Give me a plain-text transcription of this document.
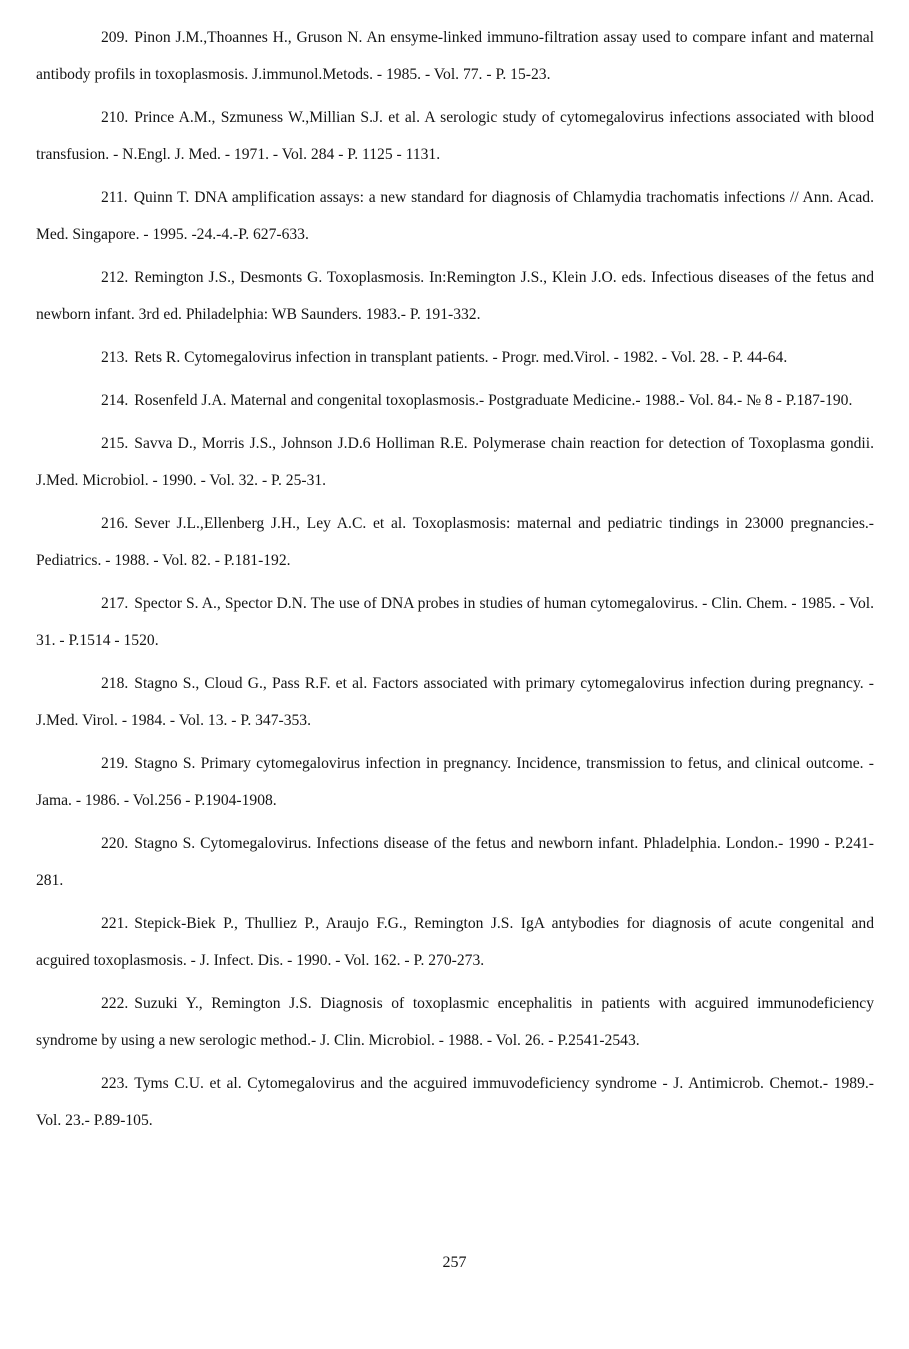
209. Pinon J.M.,Thoannes H., Gruson N. An ensyme-linked immuno-filtration assay used to compare infant and maternal antibody profils in toxoplasmosis. J.immunol.Metods. - 1985. - Vol. 77. - P. 15-23.

210. Prince A.M., Szmuness W.,Millian S.J. et al. A serologic study of cytomegalovirus infections associated with blood transfusion. - N.Engl. J. Med. - 1971. - Vol. 284 - P. 1125 - 1131.

211. Quinn T. DNA amplification assays: a new standard for diagnosis of Chlamydia trachomatis infections // Ann. Acad. Med. Singapore. - 1995. -24.-4.-P. 627-633.

212. Remington J.S., Desmonts G. Toxoplasmosis. In:Remington J.S., Klein J.O. eds. Infectious diseases of the fetus and newborn infant. 3rd ed. Philadelphia: WB Saunders. 1983.- P. 191-332.

213. Rets R. Cytomegalovirus infection in transplant patients. - Progr. med.Virol. - 1982. - Vol. 28. - P. 44-64.

214. Rosenfeld J.A. Maternal and congenital toxoplasmosis.- Postgraduate Medicine.- 1988.- Vol. 84.- № 8 - P.187-190.

215. Savva D., Morris J.S., Johnson J.D.6 Holliman R.E. Polymerase chain reaction for detection of Toxoplasma gondii. J.Med. Microbiol. - 1990. - Vol. 32. - P. 25-31.

216. Sever J.L.,Ellenberg J.H., Ley A.C. et al. Toxoplasmosis: maternal and pediatric tindings in 23000 pregnancies.- Pediatrics. - 1988. - Vol. 82. - P.181-192.

217. Spector S. A., Spector D.N. The use of DNA probes in studies of human cytomegalovirus. - Clin. Chem. - 1985. - Vol. 31. - P.1514 - 1520.

218. Stagno S., Cloud G., Pass R.F. et al. Factors associated with primary cytomegalovirus infection during pregnancy. - J.Med. Virol. - 1984. - Vol. 13. - P. 347-353.

219. Stagno S. Primary cytomegalovirus infection in pregnancy. Incidence, transmission to fetus, and clinical outcome. - Jama. - 1986. - Vol.256 - P.1904-1908.

220. Stagno S. Cytomegalovirus. Infections disease of the fetus and newborn infant. Phladelphia. London.- 1990 - P.241-281.

221. Stepick-Biek P., Thulliez P., Araujo F.G., Remington J.S. IgA antybodies for diagnosis of acute congenital and acguired toxoplasmosis. - J. Infect. Dis. - 1990. - Vol. 162. - P. 270-273.

222. Suzuki Y., Remington J.S. Diagnosis of toxoplasmic encephalitis in patients with acguired immunodeficiency syndrome by using a new serologic method.- J. Clin. Microbiol. - 1988. - Vol. 26. - P.2541-2543.

223. Tyms C.U. et al. Cytomegalovirus and the acguired immuvodeficiency syndrome - J. Antimicrob. Chemot.- 1989.- Vol. 23.- P.89-105.

257
